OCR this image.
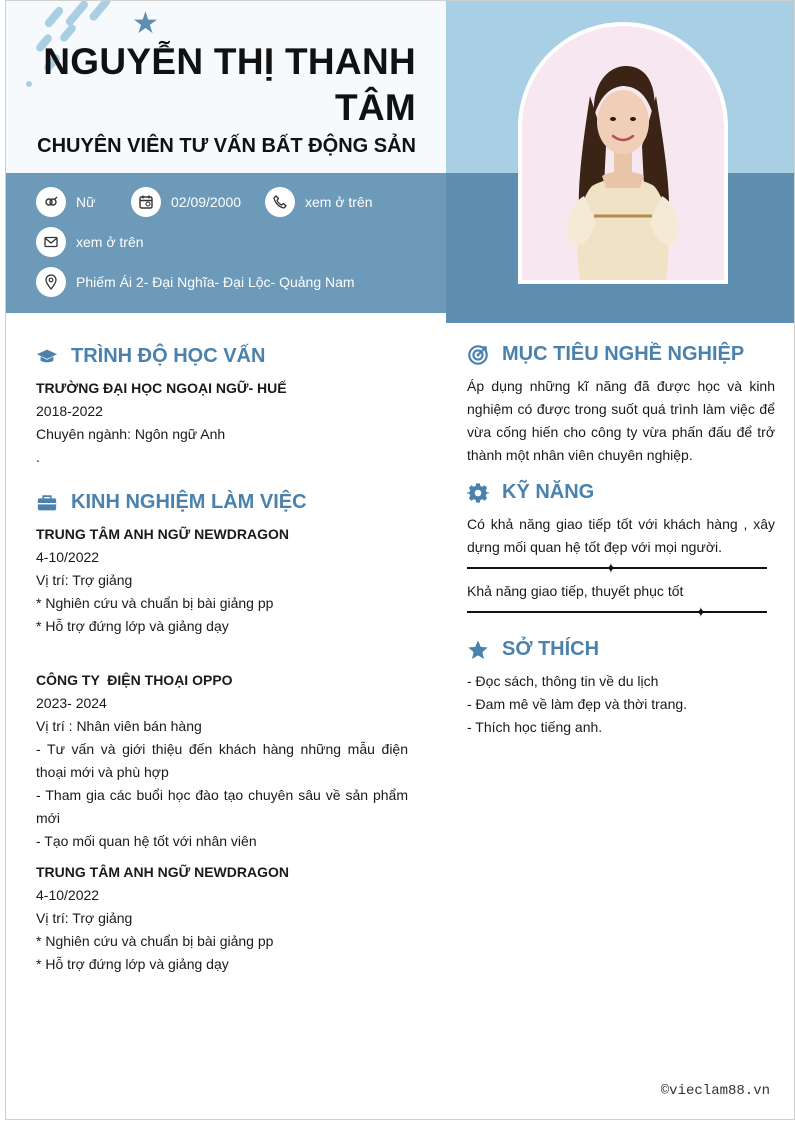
★
NGUYỄN THỊ THANH TÂM
CHUYÊN VIÊN TƯ VẤN BẤT ĐỘNG SẢN
Nữ	02/09/2000	xem ở trên
xem ở trên
Phiếm Ái 2- Đại Nghĩa- Đại Lộc- Quảng Nam
TRÌNH ĐỘ HỌC VẤN

TRƯỜNG ĐẠI HỌC NGOẠI NGỮ- HUẾ

2018-2022

Chuyên ngành: Ngôn ngữ Anh

.

KINH NGHIỆM LÀM VIỆC

TRUNG TÂM ANH NGỮ NEWDRAGON

4-10/2022

Vị trí: Trợ giảng

* Nghiên cứu và chuẩn bị bài giảng pp

* Hỗ trợ đứng lớp và giảng dạy

CÔNG TY  ĐIỆN THOẠI OPPO

2023- 2024

Vị trí : Nhân viên bán hàng

- Tư vấn và giới thiệu đến khách hàng những mẫu điện thoại mới và phù hợp

- Tham gia các buổi học đào tạo chuyên sâu về sản phẩm mới

- Tạo mối quan hệ tốt với nhân viên

TRUNG TÂM ANH NGỮ NEWDRAGON

4-10/2022

Vị trí: Trợ giảng

* Nghiên cứu và chuẩn bị bài giảng pp

* Hỗ trợ đứng lớp và giảng dạy

MỤC TIÊU NGHỀ NGHIỆP
Áp dụng những kĩ năng đã được học và kinh nghiệm có được trong suốt quá trình làm việc để vừa cống hiến cho công ty vừa phấn đấu để trở thành một nhân viên chuyên nghiệp.
KỸ NĂNG
Có khả năng giao tiếp tốt với khách hàng , xây dựng mối quan hệ tốt đẹp với mọi người.
✦
Khả năng giao tiếp, thuyết phục tốt
✦
SỞ THÍCH

- Đọc sách, thông tin về du lịch

- Đam mê về làm đẹp và thời trang.

- Thích học tiếng anh.

©vieclam88.vn
